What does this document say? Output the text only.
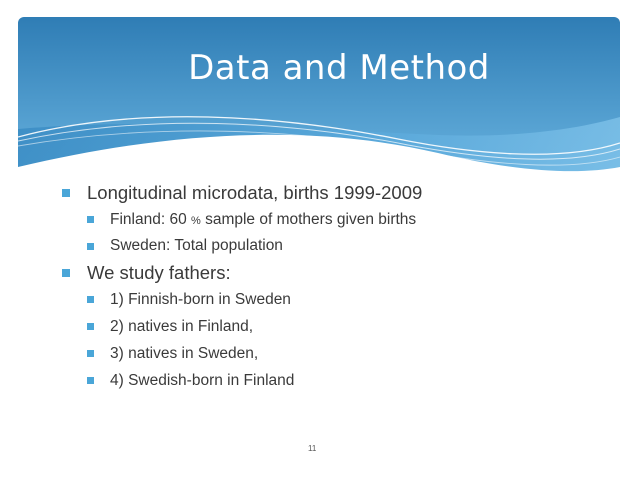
Data and Method
Longitudinal microdata, births 1999-2009
Finland: 60 % sample of mothers given births
Sweden: Total population
We study fathers:
1) Finnish-born in Sweden
2) natives in Finland,
3) natives in Sweden,
4) Swedish-born in Finland
11
